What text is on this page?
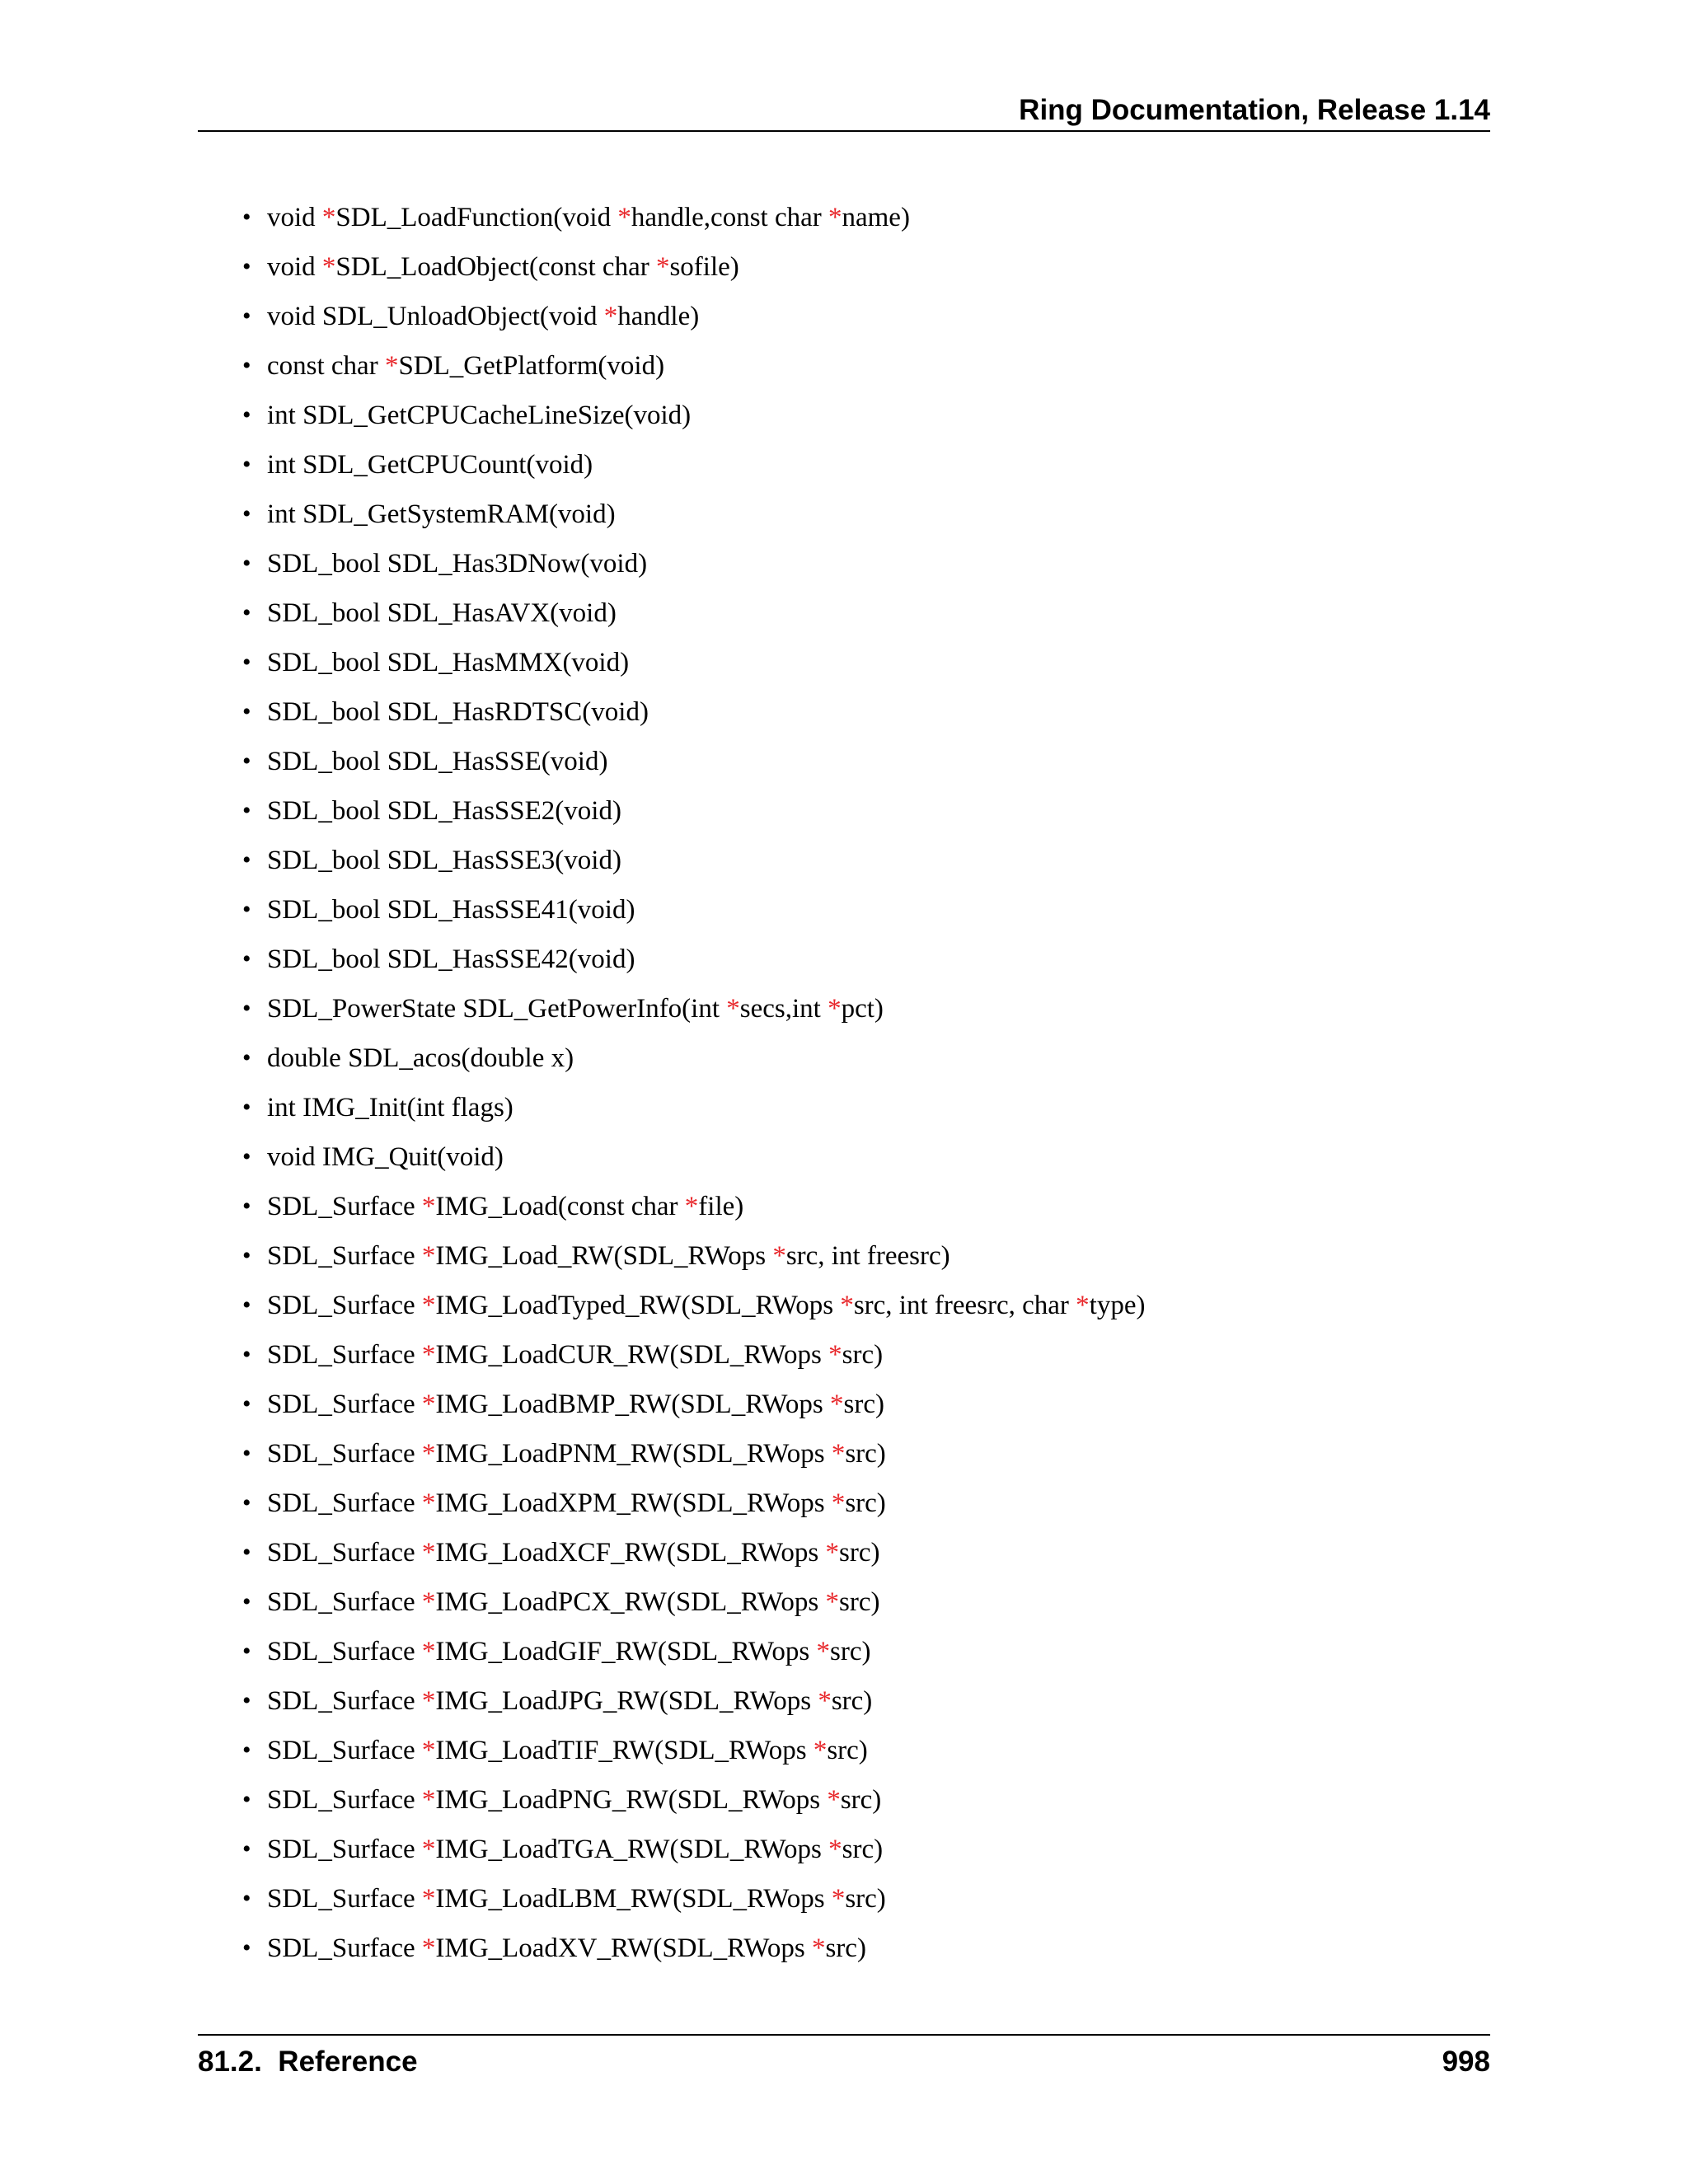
Ring Documentation, Release 1.14
• void *SDL_LoadFunction(void *handle,const char *name)
• void *SDL_LoadObject(const char *sofile)
• void SDL_UnloadObject(void *handle)
• const char *SDL_GetPlatform(void)
• int SDL_GetCPUCacheLineSize(void)
• int SDL_GetCPUCount(void)
• int SDL_GetSystemRAM(void)
• SDL_bool SDL_Has3DNow(void)
• SDL_bool SDL_HasAVX(void)
• SDL_bool SDL_HasMMX(void)
• SDL_bool SDL_HasRDTSC(void)
• SDL_bool SDL_HasSSE(void)
• SDL_bool SDL_HasSSE2(void)
• SDL_bool SDL_HasSSE3(void)
• SDL_bool SDL_HasSSE41(void)
• SDL_bool SDL_HasSSE42(void)
• SDL_PowerState SDL_GetPowerInfo(int *secs,int *pct)
• double SDL_acos(double x)
• int IMG_Init(int flags)
• void IMG_Quit(void)
• SDL_Surface *IMG_Load(const char *file)
• SDL_Surface *IMG_Load_RW(SDL_RWops *src, int freesrc)
• SDL_Surface *IMG_LoadTyped_RW(SDL_RWops *src, int freesrc, char *type)
• SDL_Surface *IMG_LoadCUR_RW(SDL_RWops *src)
• SDL_Surface *IMG_LoadBMP_RW(SDL_RWops *src)
• SDL_Surface *IMG_LoadPNM_RW(SDL_RWops *src)
• SDL_Surface *IMG_LoadXPM_RW(SDL_RWops *src)
• SDL_Surface *IMG_LoadXCF_RW(SDL_RWops *src)
• SDL_Surface *IMG_LoadPCX_RW(SDL_RWops *src)
• SDL_Surface *IMG_LoadGIF_RW(SDL_RWops *src)
• SDL_Surface *IMG_LoadJPG_RW(SDL_RWops *src)
• SDL_Surface *IMG_LoadTIF_RW(SDL_RWops *src)
• SDL_Surface *IMG_LoadPNG_RW(SDL_RWops *src)
• SDL_Surface *IMG_LoadTGA_RW(SDL_RWops *src)
• SDL_Surface *IMG_LoadLBM_RW(SDL_RWops *src)
• SDL_Surface *IMG_LoadXV_RW(SDL_RWops *src)
81.2.  Reference	998
